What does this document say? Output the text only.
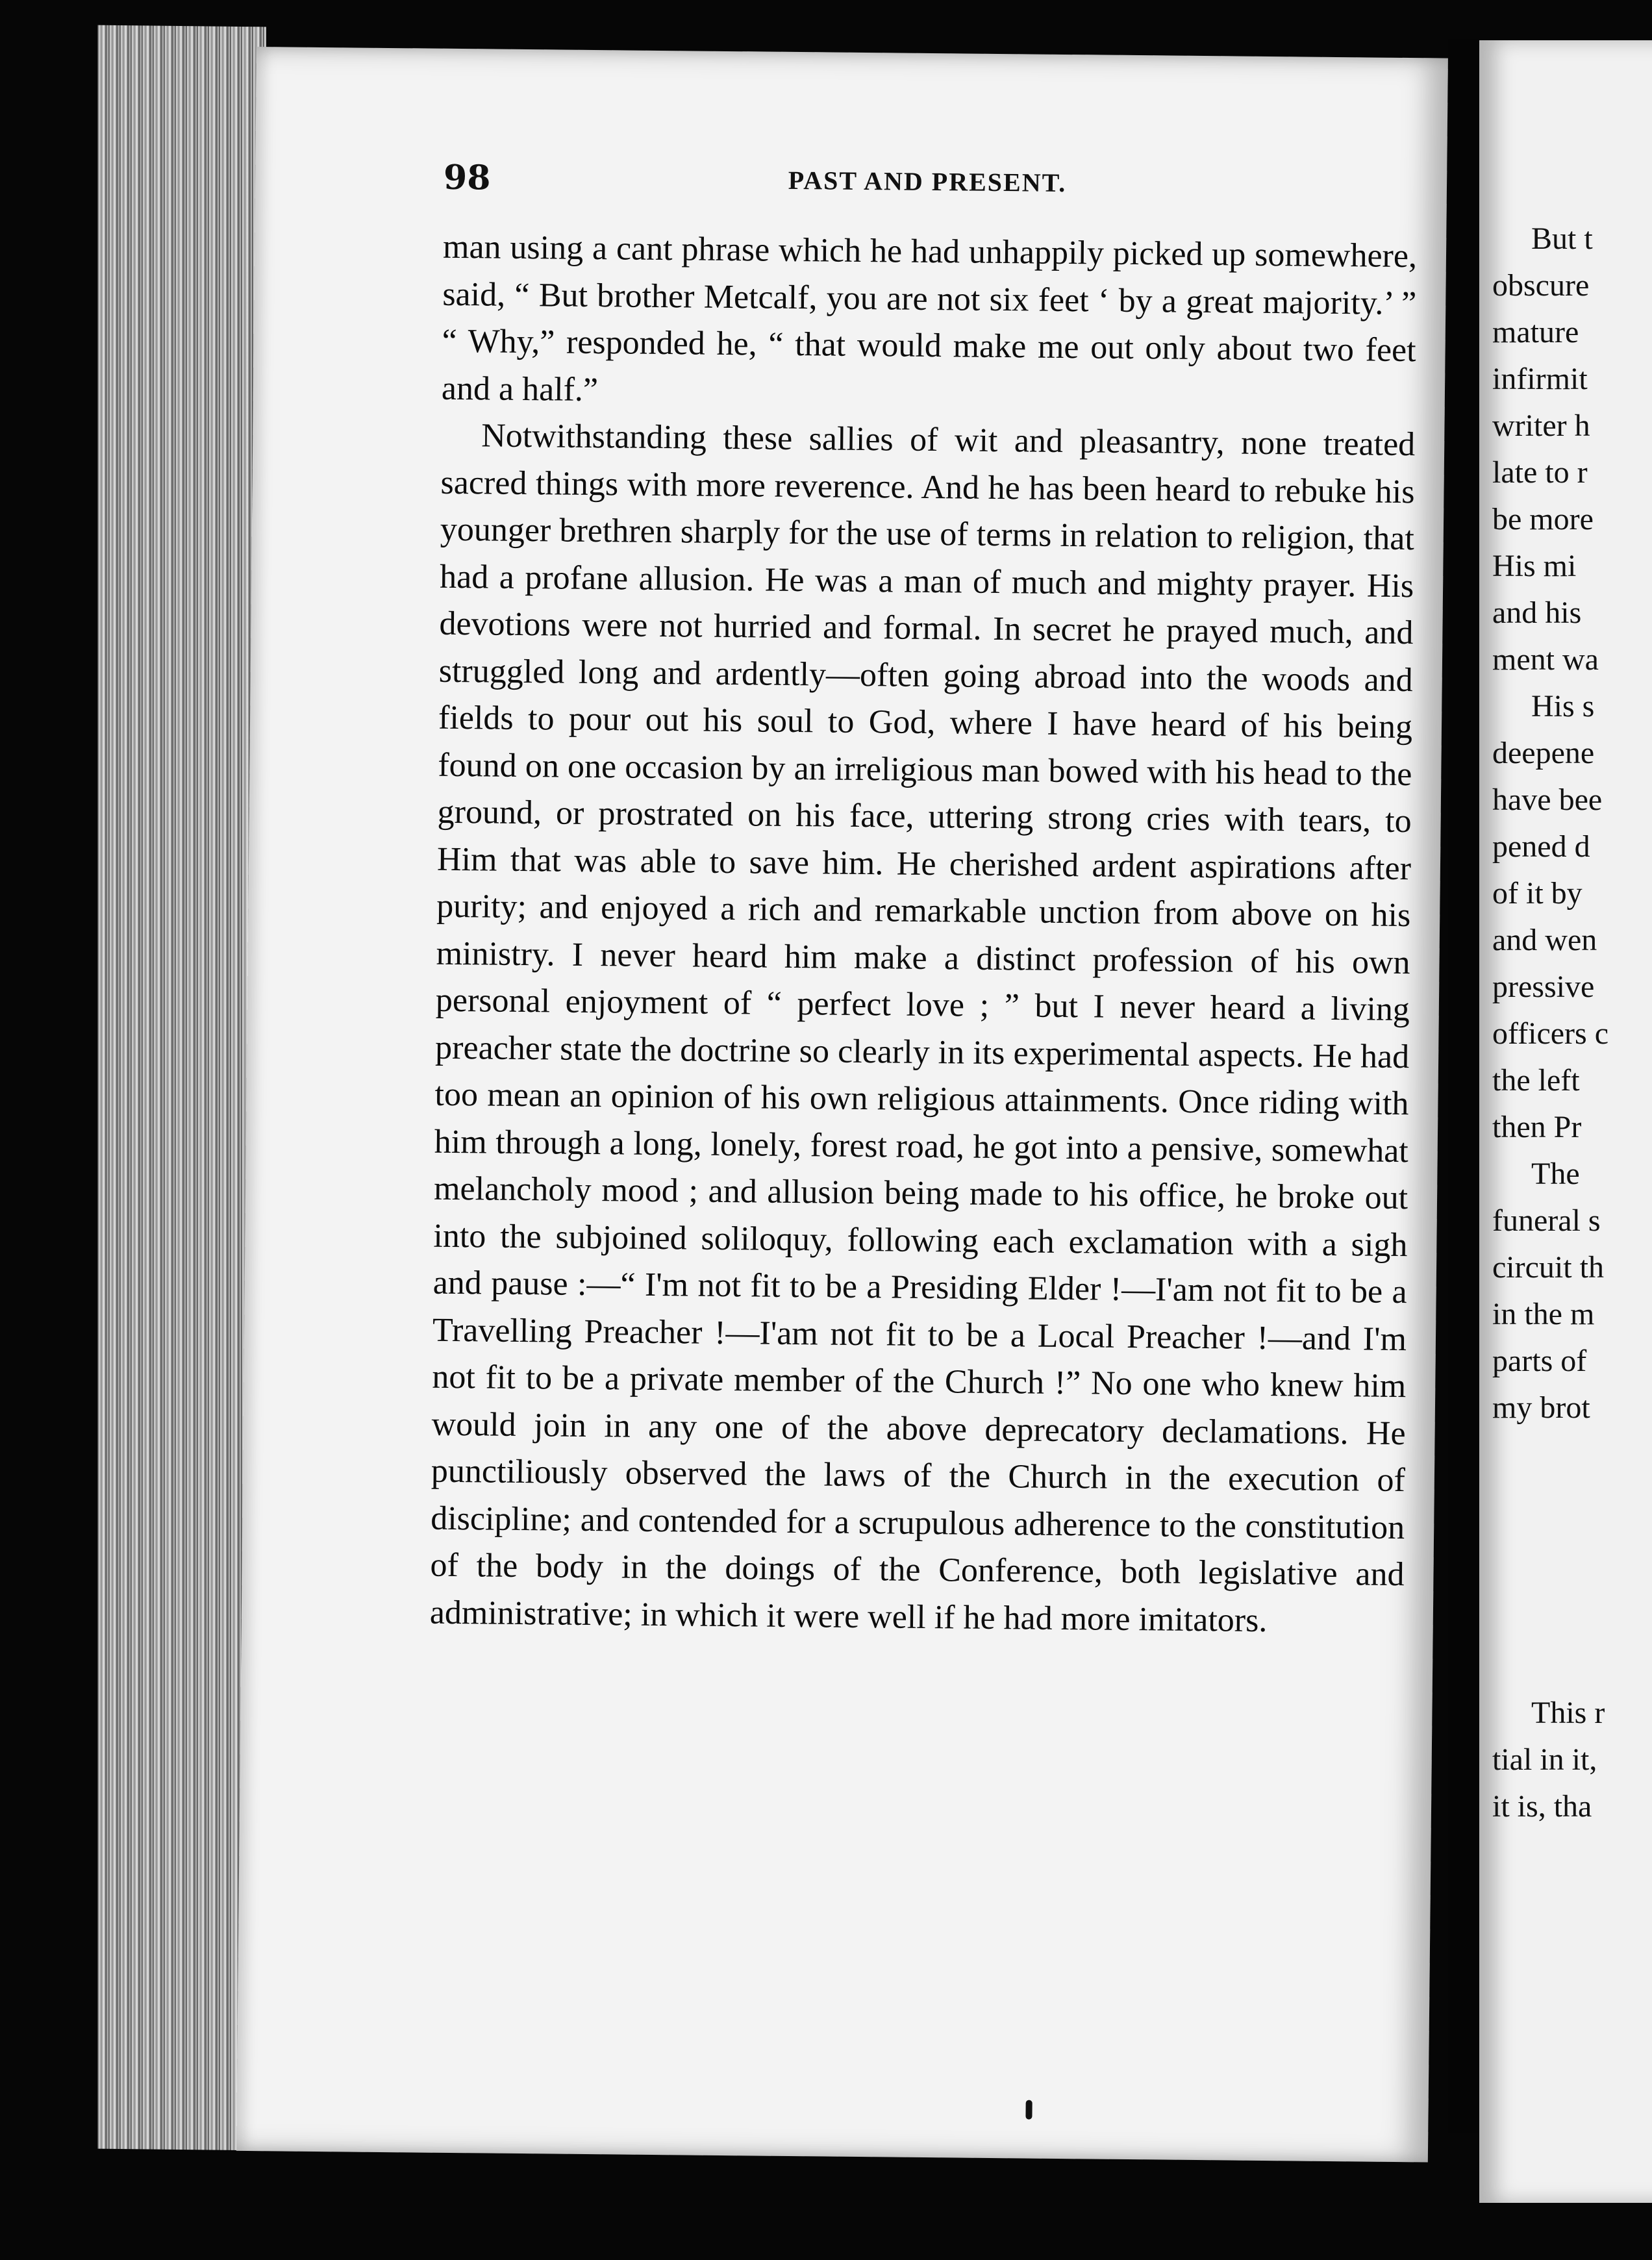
But t
obscure
mature
infirmit
writer h
late to r
be more
His mi
and his
ment wa
His s
deepene
have bee
pened d
of it by
and wen
pressive
officers c
the left
then Pr
The
funeral s
circuit th
in the m
parts of
my brot
This r
tial in it,
it is, tha
98	PAST AND PRESENT.

man using a cant phrase which he had unhappily picked up somewhere, said, “ But brother Metcalf, you are not six feet ‘ by a great majority.’ ” “ Why,” responded he, “ that would make me out only about two feet and a half.”

Notwithstanding these sallies of wit and pleasantry, none treated sacred things with more reverence. And he has been heard to rebuke his younger brethren sharply for the use of terms in relation to religion, that had a profane allusion. He was a man of much and mighty prayer. His devotions were not hurried and formal. In secret he prayed much, and struggled long and ardently—often going abroad into the woods and fields to pour out his soul to God, where I have heard of his being found on one occasion by an irreligious man bowed with his head to the ground, or prostrated on his face, uttering strong cries with tears, to Him that was able to save him. He cherished ardent aspirations after purity; and enjoyed a rich and remarkable unction from above on his ministry. I never heard him make a distinct profession of his own personal enjoyment of “ perfect love ; ” but I never heard a living preacher state the doctrine so clearly in its experimental aspects. He had too mean an opinion of his own religious attainments. Once riding with him through a long, lonely, forest road, he got into a pensive, somewhat melancholy mood ; and allusion being made to his office, he broke out into the subjoined soliloquy, following each exclamation with a sigh and pause :—“ I'm not fit to be a Presiding Elder !—I'am not fit to be a Travelling Preacher !—I'am not fit to be a Local Preacher !—and I'm not fit to be a private member of the Church !” No one who knew him would join in any one of the above deprecatory declamations. He punctiliously observed the laws of the Church in the execution of discipline; and contended for a scrupulous adherence to the constitution of the body in the doings of the Conference, both legislative and administrative; in which it were well if he had more imitators.
